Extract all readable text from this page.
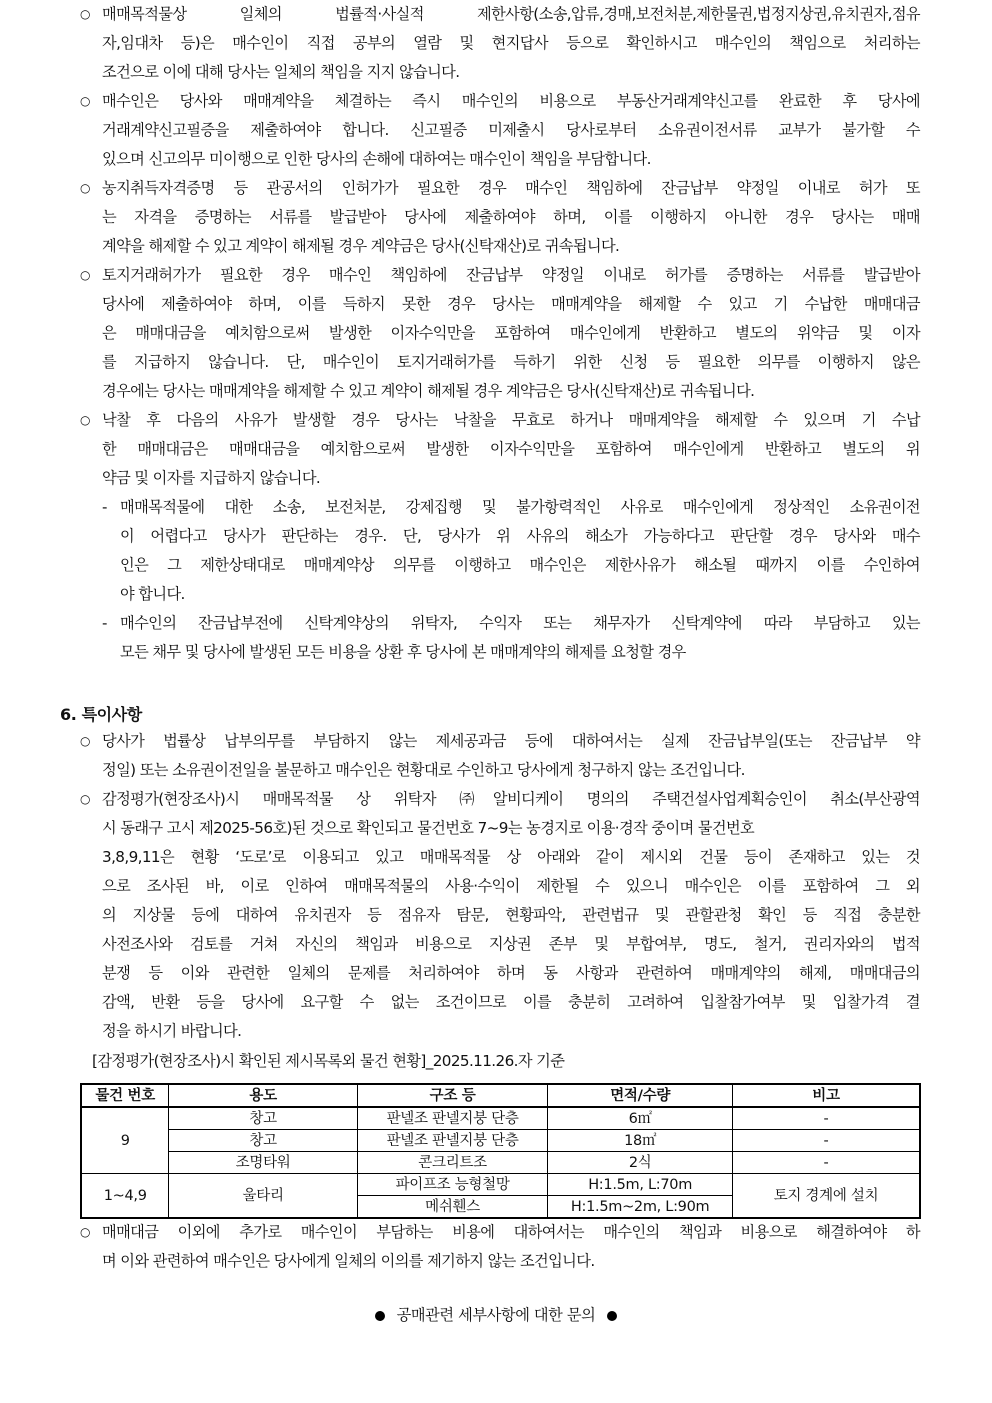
○ 매매목적물상 일체의 법률적·사실적 제한사항(소송,압류,경매,보전처분,제한물권,법정지상권,유치권자,점유
자,임대차 등)은 매수인이 직접 공부의 열람 및 현지답사 등으로 확인하시고 매수인의 책임으로 처리하는
조건으로 이에 대해 당사는 일체의 책임을 지지 않습니다.
○ 매수인은 당사와 매매계약을 체결하는 즉시 매수인의 비용으로 부동산거래계약신고를 완료한 후 당사에
거래계약신고필증을 제출하여야 합니다. 신고필증 미제출시 당사로부터 소유권이전서류 교부가 불가할 수
있으며 신고의무 미이행으로 인한 당사의 손해에 대하여는 매수인이 책임을 부담합니다.
○ 농지취득자격증명 등 관공서의 인허가가 필요한 경우 매수인 책임하에 잔금납부 약정일 이내로 허가 또
는 자격을 증명하는 서류를 발급받아 당사에 제출하여야 하며, 이를 이행하지 아니한 경우 당사는 매매
계약을 해제할 수 있고 계약이 해제될 경우 계약금은 당사(신탁재산)로 귀속됩니다.
○ 토지거래허가가 필요한 경우 매수인 책임하에 잔금납부 약정일 이내로 허가를 증명하는 서류를 발급받아
당사에 제출하여야 하며, 이를 득하지 못한 경우 당사는 매매계약을 해제할 수 있고 기 수납한 매매대금
은 매매대금을 예치함으로써 발생한 이자수익만을 포함하여 매수인에게 반환하고 별도의 위약금 및 이자
를 지급하지 않습니다. 단, 매수인이 토지거래허가를 득하기 위한 신청 등 필요한 의무를 이행하지 않은
경우에는 당사는 매매계약을 해제할 수 있고 계약이 해제될 경우 계약금은 당사(신탁재산)로 귀속됩니다.
○ 낙찰 후 다음의 사유가 발생할 경우 당사는 낙찰을 무효로 하거나 매매계약을 해제할 수 있으며 기 수납
한 매매대금은 매매대금을 예치함으로써 발생한 이자수익만을 포함하여 매수인에게 반환하고 별도의 위
약금 및 이자를 지급하지 않습니다.
- 매매목적물에 대한 소송, 보전처분, 강제집행 및 불가항력적인 사유로 매수인에게 정상적인 소유권이전
이 어렵다고 당사가 판단하는 경우. 단, 당사가 위 사유의 해소가 가능하다고 판단할 경우 당사와 매수
인은 그 제한상태대로 매매계약상 의무를 이행하고 매수인은 제한사유가 해소될 때까지 이를 수인하여
야 합니다.
- 매수인의 잔금납부전에 신탁계약상의 위탁자, 수익자 또는 채무자가 신탁계약에 따라 부담하고 있는
모든 채무 및 당사에 발생된 모든 비용을 상환 후 당사에 본 매매계약의 해제를 요청할 경우
6. 특이사항
○ 당사가 법률상 납부의무를 부담하지 않는 제세공과금 등에 대하여서는 실제 잔금납부일(또는 잔금납부 약
정일) 또는 소유권이전일을 불문하고 매수인은 현황대로 수인하고 당사에게 청구하지 않는 조건입니다.
○ 감정평가(현장조사)시 매매목적물 상 위탁자 ㈜알비디케이 명의의 주택건설사업계획승인이 취소(부산광역
시 동래구 고시 제2025-56호)된 것으로 확인되고 물건번호 7~9는 농경지로 이용·경작 중이며 물건번호
3,8,9,11은 현황 ‘도로’로 이용되고 있고 매매목적물 상 아래와 같이 제시외 건물 등이 존재하고 있는 것
으로 조사된 바, 이로 인하여 매매목적물의 사용·수익이 제한될 수 있으니 매수인은 이를 포함하여 그 외
의 지상물 등에 대하여 유치권자 등 점유자 탐문, 현황파악, 관련법규 및 관할관청 확인 등 직접 충분한
사전조사와 검토를 거쳐 자신의 책임과 비용으로 지상권 존부 및 부합여부, 명도, 철거, 권리자와의 법적
분쟁 등 이와 관련한 일체의 문제를 처리하여야 하며 동 사항과 관련하여 매매계약의 해제, 매매대금의
감액, 반환 등을 당사에 요구할 수 없는 조건이므로 이를 충분히 고려하여 입찰참가여부 및 입찰가격 결
정을 하시기 바랍니다.
[감정평가(현장조사)시 확인된 제시목록외 물건 현황]_2025.11.26.자 기준
물건 번호	용도	구조 등	면적/수량	비고
9	창고	판넬조 판넬지붕 단층	6㎡	-
	창고	판넬조 판넬지붕 단층	18㎡	-
	조명타워	콘크리트조	2식	-
1~4,9	울타리	파이프조 능형철망	H:1.5m, L:70m	토지 경계에 설치
		메쉬휀스	H:1.5m~2m, L:90m	
○ 매매대금 이외에 추가로 매수인이 부담하는 비용에 대하여서는 매수인의 책임과 비용으로 해결하여야 하
며 이와 관련하여 매수인은 당사에게 일체의 이의를 제기하지 않는 조건입니다.
공매관련 세부사항에 대한 문의
